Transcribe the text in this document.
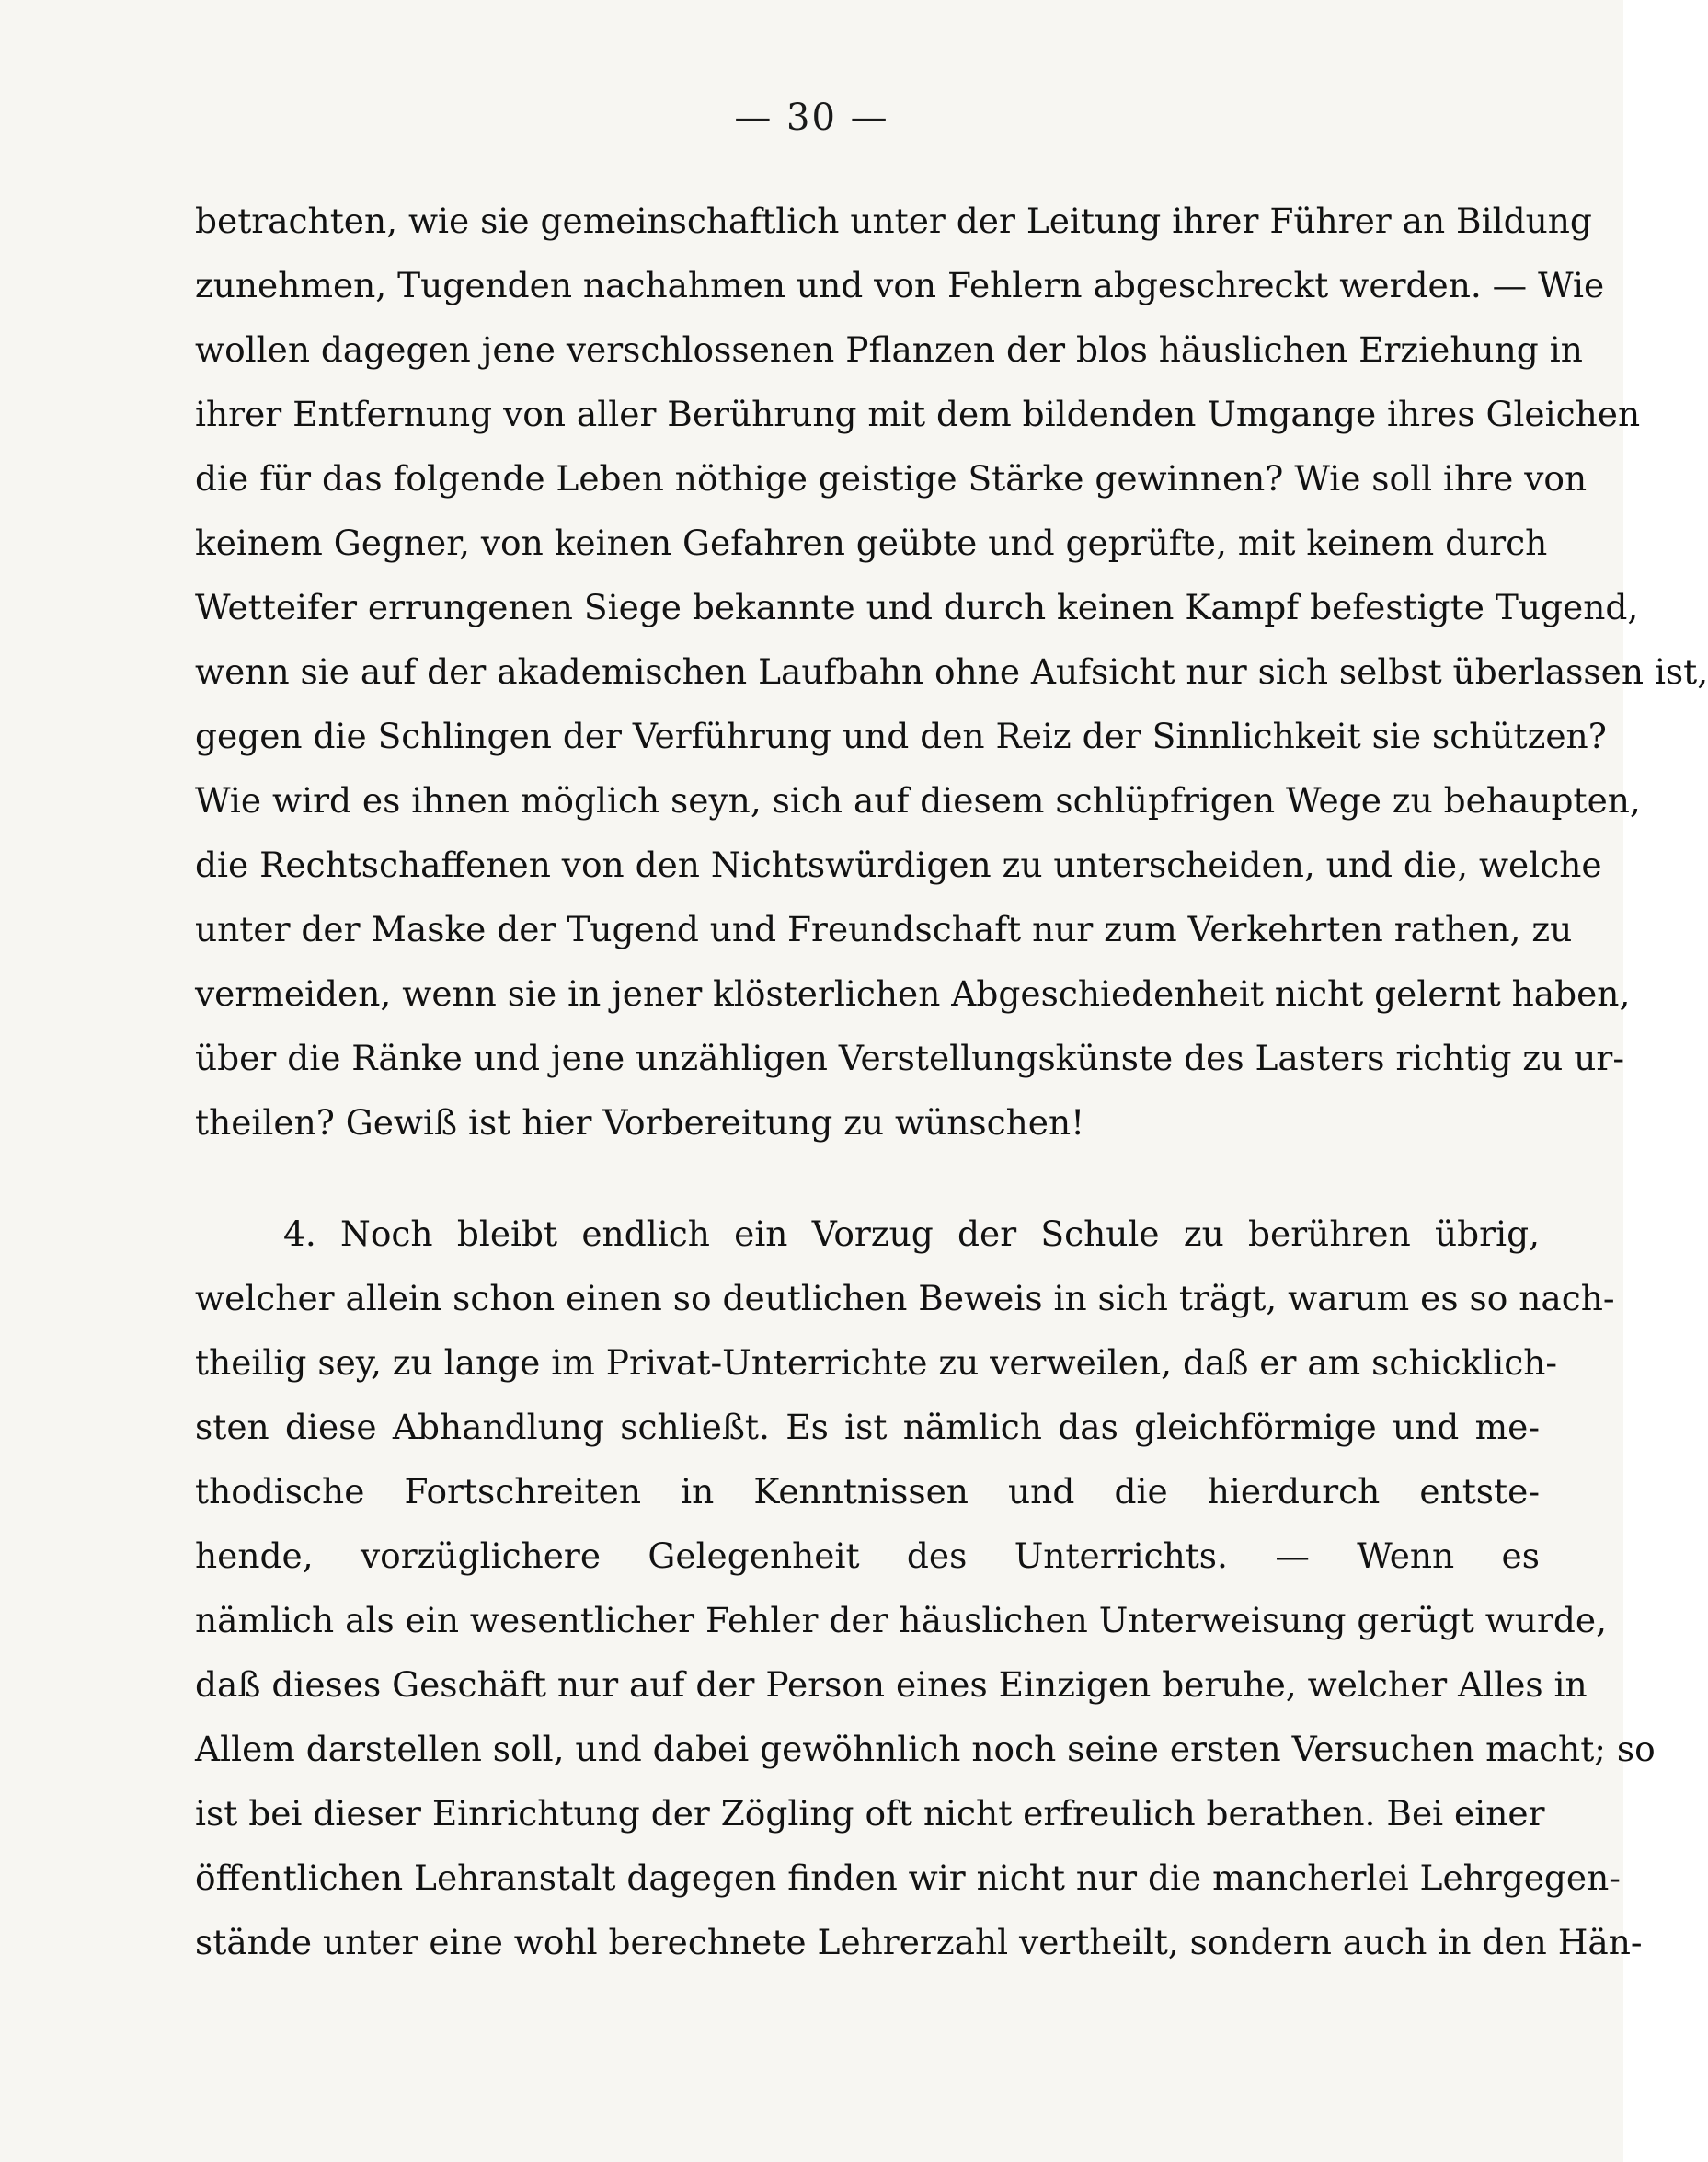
— 30 —
betrachten, wie sie gemeinschaftlich unter der Leitung ihrer Führer an Bildung
zunehmen, Tugenden nachahmen und von Fehlern abgeschreckt werden. — Wie
wollen dagegen jene verschlossenen Pflanzen der blos häuslichen Erziehung in
ihrer Entfernung von aller Berührung mit dem bildenden Umgange ihres Gleichen
die für das folgende Leben nöthige geistige Stärke gewinnen? Wie soll ihre von
keinem Gegner, von keinen Gefahren geübte und geprüfte, mit keinem durch
Wetteifer errungenen Siege bekannte und durch keinen Kampf befestigte Tugend,
wenn sie auf der akademischen Laufbahn ohne Aufsicht nur sich selbst überlassen ist,
gegen die Schlingen der Verführung und den Reiz der Sinnlichkeit sie schützen?
Wie wird es ihnen möglich seyn, sich auf diesem schlüpfrigen Wege zu behaupten,
die Rechtschaffenen von den Nichtswürdigen zu unterscheiden, und die, welche
unter der Maske der Tugend und Freundschaft nur zum Verkehrten rathen, zu
vermeiden, wenn sie in jener klösterlichen Abgeschiedenheit nicht gelernt haben,
über die Ränke und jene unzähligen Verstellungskünste des Lasters richtig zu ur-
theilen? Gewiß ist hier Vorbereitung zu wünschen!
4. Noch bleibt endlich ein Vorzug der Schule zu berühren übrig,
welcher allein schon einen so deutlichen Beweis in sich trägt, warum es so nach-
theilig sey, zu lange im Privat-Unterrichte zu verweilen, daß er am schicklich-
sten diese Abhandlung schließt. Es ist nämlich das gleichförmige und me-
thodische Fortschreiten in Kenntnissen und die hierdurch entste-
hende, vorzüglichere Gelegenheit des Unterrichts. — Wenn es
nämlich als ein wesentlicher Fehler der häuslichen Unterweisung gerügt wurde,
daß dieses Geschäft nur auf der Person eines Einzigen beruhe, welcher Alles in
Allem darstellen soll, und dabei gewöhnlich noch seine ersten Versuchen macht; so
ist bei dieser Einrichtung der Zögling oft nicht erfreulich berathen. Bei einer
öffentlichen Lehranstalt dagegen finden wir nicht nur die mancherlei Lehrgegen-
stände unter eine wohl berechnete Lehrerzahl vertheilt, sondern auch in den Hän-
